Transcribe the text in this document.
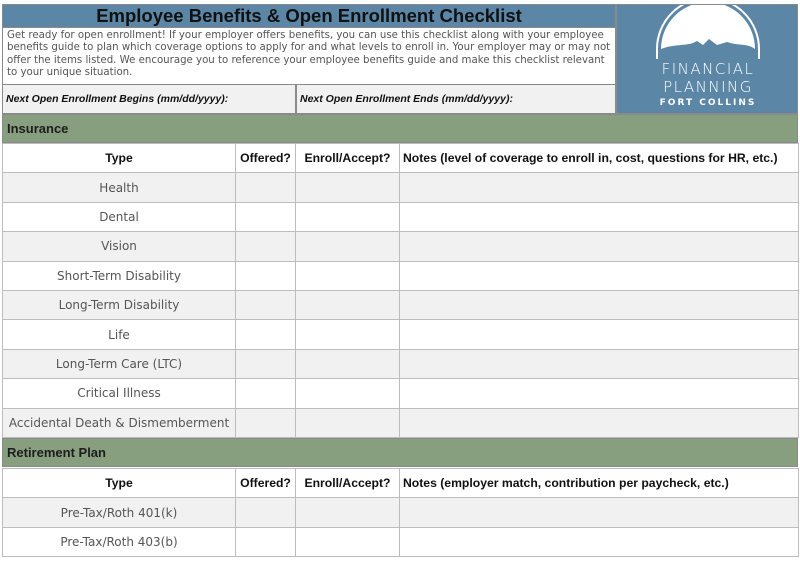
Employee Benefits & Open Enrollment Checklist
Get ready for open enrollment! If your employer offers benefits, you can use this checklist along with your employee benefits guide to plan which coverage options to apply for and what levels to enroll in. Your employer may or may not offer the items listed. We encourage you to reference your employee benefits guide and make this checklist relevant to your unique situation.	FINANCIAL
PLANNING
FORT COLLINS
Next Open Enrollment Begins (mm/dd/yyyy):	Next Open Enrollment Ends (mm/dd/yyyy):
Insurance
Type	Offered?	Enroll/Accept?	Notes (level of coverage to enroll in, cost, questions for HR, etc.)
Health			
Dental			
Vision			
Short-Term Disability			
Long-Term Disability			
Life			
Long-Term Care (LTC)			
Critical Illness			
Accidental Death & Dismemberment			
Retirement Plan
Type	Offered?	Enroll/Accept?	Notes (employer match, contribution per paycheck, etc.)
Pre-Tax/Roth 401(k)			
Pre-Tax/Roth 403(b)			
